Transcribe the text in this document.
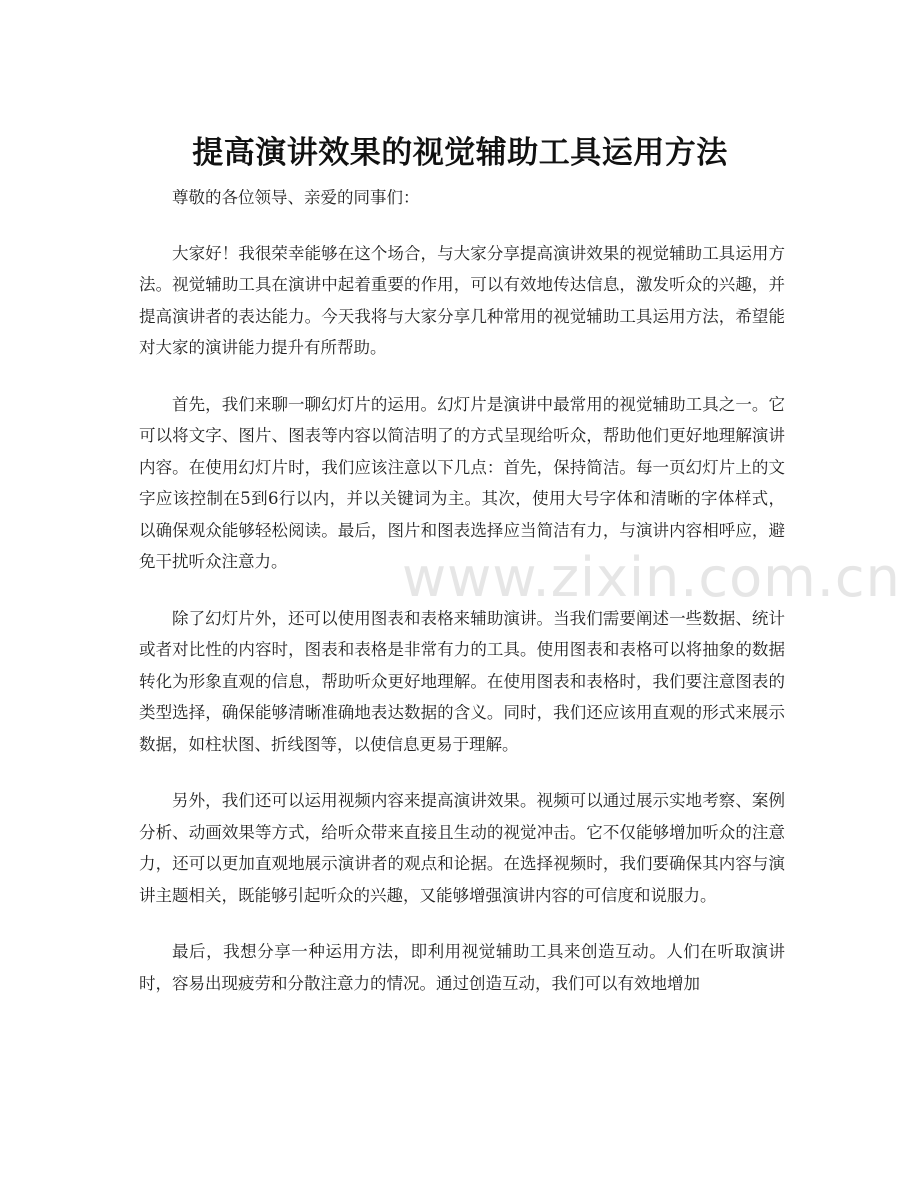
www.zixin.com.cn
提高演讲效果的视觉辅助工具运用方法

尊敬的各位领导、亲爱的同事们：

大家好！我很荣幸能够在这个场合，与大家分享提高演讲效果的视觉辅助工具运用方法。视觉辅助工具在演讲中起着重要的作用，可以有效地传达信息，激发听众的兴趣，并提高演讲者的表达能力。今天我将与大家分享几种常用的视觉辅助工具运用方法，希望能对大家的演讲能力提升有所帮助。

首先，我们来聊一聊幻灯片的运用。幻灯片是演讲中最常用的视觉辅助工具之一。它可以将文字、图片、图表等内容以简洁明了的方式呈现给听众，帮助他们更好地理解演讲内容。在使用幻灯片时，我们应该注意以下几点：首先，保持简洁。每一页幻灯片上的文字应该控制在5到6行以内，并以关键词为主。其次，使用大号字体和清晰的字体样式，以确保观众能够轻松阅读。最后，图片和图表选择应当简洁有力，与演讲内容相呼应，避免干扰听众注意力。

除了幻灯片外，还可以使用图表和表格来辅助演讲。当我们需要阐述一些数据、统计或者对比性的内容时，图表和表格是非常有力的工具。使用图表和表格可以将抽象的数据转化为形象直观的信息，帮助听众更好地理解。在使用图表和表格时，我们要注意图表的类型选择，确保能够清晰准确地表达数据的含义。同时，我们还应该用直观的形式来展示数据，如柱状图、折线图等，以使信息更易于理解。

另外，我们还可以运用视频内容来提高演讲效果。视频可以通过展示实地考察、案例分析、动画效果等方式，给听众带来直接且生动的视觉冲击。它不仅能够增加听众的注意力，还可以更加直观地展示演讲者的观点和论据。在选择视频时，我们要确保其内容与演讲主题相关，既能够引起听众的兴趣，又能够增强演讲内容的可信度和说服力。

最后，我想分享一种运用方法，即利用视觉辅助工具来创造互动。人们在听取演讲时，容易出现疲劳和分散注意力的情况。通过创造互动，我们可以有效地增加
